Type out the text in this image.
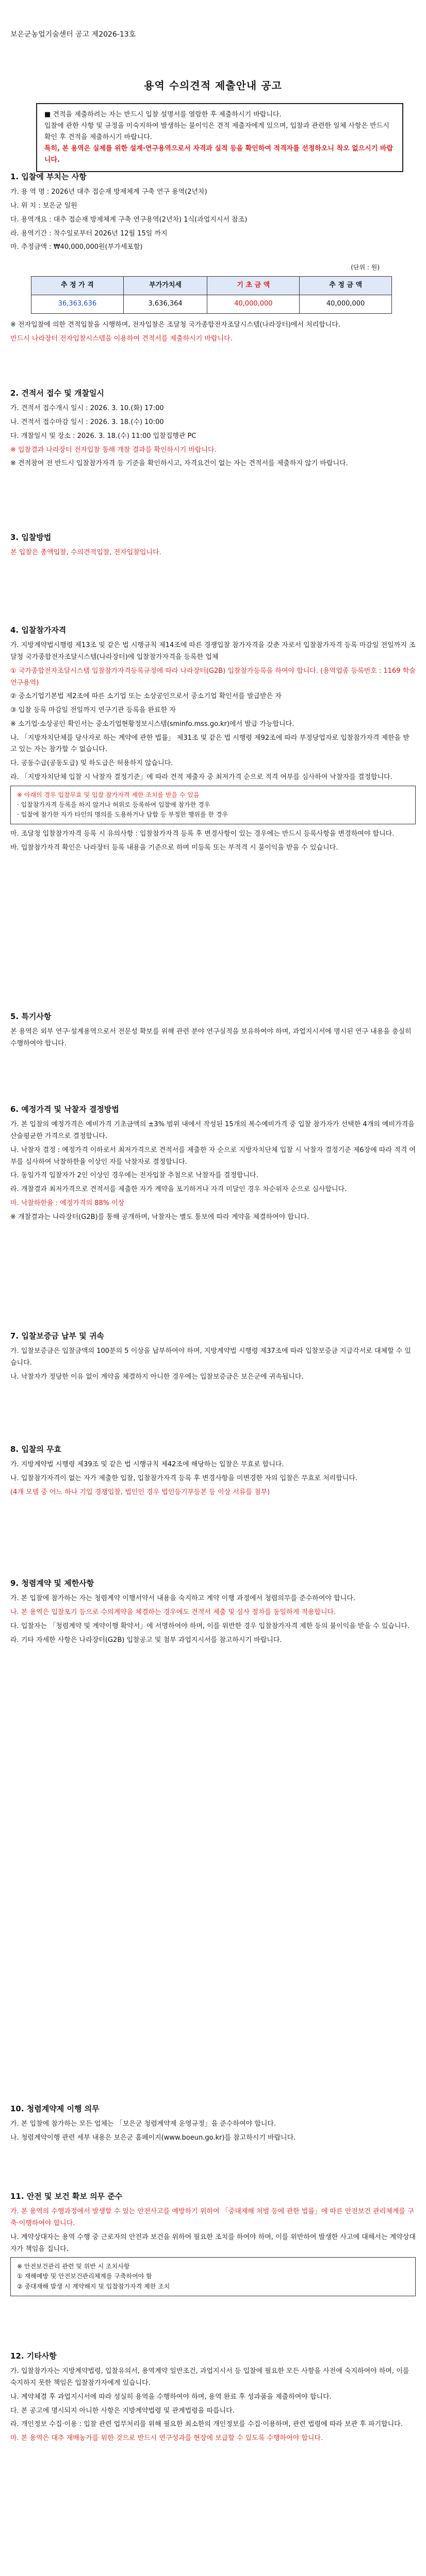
보은군농업기술센터 공고 제2026-13호
용역 수의견적 제출안내 공고
■ 견적을 제출하려는 자는 반드시 입찰 설명서를 열람한 후 제출하시기 바랍니다.
입찰에 관한 사항 및 규정을 미숙지하여 발생하는 불이익은 견적 제출자에게 있으며, 입찰과 관련한 일체 사항은 반드시 확인 후 견적을 제출하시기 바랍니다.
특히, 본 용역은 실제를 위한 설계·연구용역으로서 자격과 실적 등을 확인하여 적격자를 선정하오니 착오 없으시기 바랍니다.
1. 입찰에 부치는 사항
가. 용 역 명 : 2026년 대추 접순재 방제체계 구축 연구 용역(2년차)
나. 위 치 : 보은군 일원
다. 용역개요 : 대추 접순재 방제체계 구축 연구용역(2년차) 1식(과업지시서 참조)
라. 용역기간 : 착수일로부터 2026년 12월 15일 까지
마. 추정금액 : ₩40,000,000원(부가세포함)
(단위 : 원)
추 정 가 격	부가가치세	기 초 금 액	추 정 금 액
36,363,636	3,636,364	40,000,000	40,000,000
※ 전자입찰에 의한 견적입찰을 시행하며, 전자입찰은 조달청 국가종합전자조달시스템(나라장터)에서 처리합니다.
반드시 나라장터 전자입찰시스템을 이용하여 견적서를 제출하시기 바랍니다.
2. 견적서 접수 및 개찰일시
가. 견적서 접수개시 일시 : 2026. 3. 10.(화) 17:00
나. 견적서 접수마감 일시 : 2026. 3. 18.(수) 10:00
다. 개찰일시 및 장소 : 2026. 3. 18.(수) 11:00 입찰집행관 PC
※ 입찰결과 나라장터 전자입찰 통해 개찰 결과를 확인하시기 바랍니다.
※ 견적참여 전 반드시 입찰참가자격 등 기준을 확인하시고, 자격요건이 없는 자는 견적서를 제출하지 않기 바랍니다.
3. 입찰방법
본 입찰은 총액입찰, 수의견적입찰, 전자입찰입니다.
4. 입찰참가자격
가. 지방계약법시행령 제13조 및 같은 법 시행규칙 제14조에 따른 경쟁입찰 참가자격을 갖춘 자로서 입찰참가자격 등록 마감일 전일까지 조달청 국가종합전자조달시스템(나라장터)에 입찰참가자격을 등록한 업체
① 국가종합전자조달시스템 입찰참가자격등록규정에 따라 나라장터(G2B) 입찰참가등록을 하여야 합니다. (용역업종 등록번호 : 1169 학술연구용역)
② 중소기업기본법 제2조에 따른 소기업 또는 소상공인으로서 중소기업 확인서를 발급받은 자
③ 입찰 등록 마감일 전일까지 연구기관 등록을 완료한 자
※ 소기업·소상공인 확인서는 중소기업현황정보시스템(sminfo.mss.go.kr)에서 발급 가능합니다.
나. 「지방자치단체를 당사자로 하는 계약에 관한 법률」 제31조 및 같은 법 시행령 제92조에 따라 부정당업자로 입찰참가자격 제한을 받고 있는 자는 참가할 수 없습니다.
다. 공동수급(공동도급) 및 하도급은 허용하지 않습니다.
라. 「지방자치단체 입찰 시 낙찰자 결정기준」에 따라 견적 제출자 중 최저가격 순으로 적격 여부를 심사하여 낙찰자를 결정합니다.
※ 아래의 경우 입찰무효 및 입찰 참가자격 제한 조치를 받을 수 있음
· 입찰참가자격 등록을 하지 않거나 허위로 등록하여 입찰에 참가한 경우
· 입찰에 참가한 자가 타인의 명의를 도용하거나 담합 등 부정한 행위를 한 경우
마. 조달청 입찰참가자격 등록 시 유의사항 : 입찰참가자격 등록 후 변경사항이 있는 경우에는 반드시 등록사항을 변경하여야 합니다.
바. 입찰참가자격 확인은 나라장터 등록 내용을 기준으로 하며 미등록 또는 부적격 시 불이익을 받을 수 있습니다.
5. 특기사항
본 용역은 외부 연구·설계용역으로서 전문성 확보를 위해 관련 분야 연구실적을 보유하여야 하며, 과업지시서에 명시된 연구 내용을 충실히 수행하여야 합니다.
6. 예정가격 및 낙찰자 결정방법
가. 본 입찰의 예정가격은 예비가격 기초금액의 ±3% 범위 내에서 작성된 15개의 복수예비가격 중 입찰 참가자가 선택한 4개의 예비가격을 산술평균한 가격으로 결정합니다.
나. 낙찰자 결정 : 예정가격 이하로서 최저가격으로 견적서를 제출한 자 순으로 지방자치단체 입찰 시 낙찰자 결정기준 제6장에 따라 적격 여부를 심사하여 낙찰하한율 이상인 자를 낙찰자로 결정합니다.
다. 동일가격 입찰자가 2인 이상인 경우에는 전자입찰 추첨으로 낙찰자를 결정합니다.
라. 개찰결과 최저가격으로 견적서를 제출한 자가 계약을 포기하거나 자격 미달인 경우 차순위자 순으로 심사합니다.
마. 낙찰하한율 : 예정가격의 88% 이상
※ 개찰결과는 나라장터(G2B)를 통해 공개하며, 낙찰자는 별도 통보에 따라 계약을 체결하여야 합니다.
7. 입찰보증금 납부 및 귀속
가. 입찰보증금은 입찰금액의 100분의 5 이상을 납부하여야 하며, 지방계약법 시행령 제37조에 따라 입찰보증금 지급각서로 대체할 수 있습니다.
나. 낙찰자가 정당한 이유 없이 계약을 체결하지 아니한 경우에는 입찰보증금은 보은군에 귀속됩니다.
8. 입찰의 무효
가. 지방계약법 시행령 제39조 및 같은 법 시행규칙 제42조에 해당하는 입찰은 무효로 합니다.
나. 입찰참가자격이 없는 자가 제출한 입찰, 입찰참가자격 등록 후 변경사항을 미변경한 자의 입찰은 무효로 처리합니다.
(4개 모델 중 어느 하나 기입 경쟁입찰, 법인인 경우 법인등기부등본 등 이상 서류를 첨부)
9. 청렴계약 및 제한사항
가. 본 입찰에 참가하는 자는 청렴계약 이행서약서 내용을 숙지하고 계약 이행 과정에서 청렴의무를 준수하여야 합니다.
나. 본 용역은 입찰포기 등으로 수의계약을 체결하는 경우에도 견적서 제출 및 심사 절차를 동일하게 적용합니다.
다. 입찰자는 「청렴계약 및 계약이행 확약서」에 서명하여야 하며, 이를 위반한 경우 입찰참가자격 제한 등의 불이익을 받을 수 있습니다.
라. 기타 자세한 사항은 나라장터(G2B) 입찰공고 및 첨부 과업지시서를 참고하시기 바랍니다.
10. 청렴계약제 이행 의무
가. 본 입찰에 참가하는 모든 업체는 「보은군 청렴계약제 운영규정」을 준수하여야 합니다.
나. 청렴계약이행 관련 세부 내용은 보은군 홈페이지(www.boeun.go.kr)를 참고하시기 바랍니다.
11. 안전 및 보건 확보 의무 준수
가. 본 용역의 수행과정에서 발생할 수 있는 안전사고를 예방하기 위하여 「중대재해 처벌 등에 관한 법률」에 따른 안전보건 관리체계를 구축·이행하여야 합니다.
나. 계약상대자는 용역 수행 중 근로자의 안전과 보건을 위하여 필요한 조치를 하여야 하며, 이를 위반하여 발생한 사고에 대해서는 계약상대자가 책임을 집니다.
※ 안전보건관리 관련 및 위반 시 조치사항
① 재해예방 및 안전보건관리체계를 구축하여야 함
② 중대재해 발생 시 계약해지 및 입찰참가자격 제한 조치
12. 기타사항
가. 입찰참가자는 지방계약법령, 입찰유의서, 용역계약 일반조건, 과업지시서 등 입찰에 필요한 모든 사항을 사전에 숙지하여야 하며, 이를 숙지하지 못한 책임은 입찰참가자에게 있습니다.
나. 계약체결 후 과업지시서에 따라 성실히 용역을 수행하여야 하며, 용역 완료 후 성과품을 제출하여야 합니다.
다. 본 공고에 명시되지 아니한 사항은 지방계약법령 및 관계법령을 따릅니다.
라. 개인정보 수집·이용 : 입찰 관련 업무처리를 위해 필요한 최소한의 개인정보를 수집·이용하며, 관련 법령에 따라 보관 후 파기합니다.
마. 본 용역은 대추 재배농가를 위한 것으로 반드시 연구성과를 현장에 보급할 수 있도록 수행하여야 합니다.
